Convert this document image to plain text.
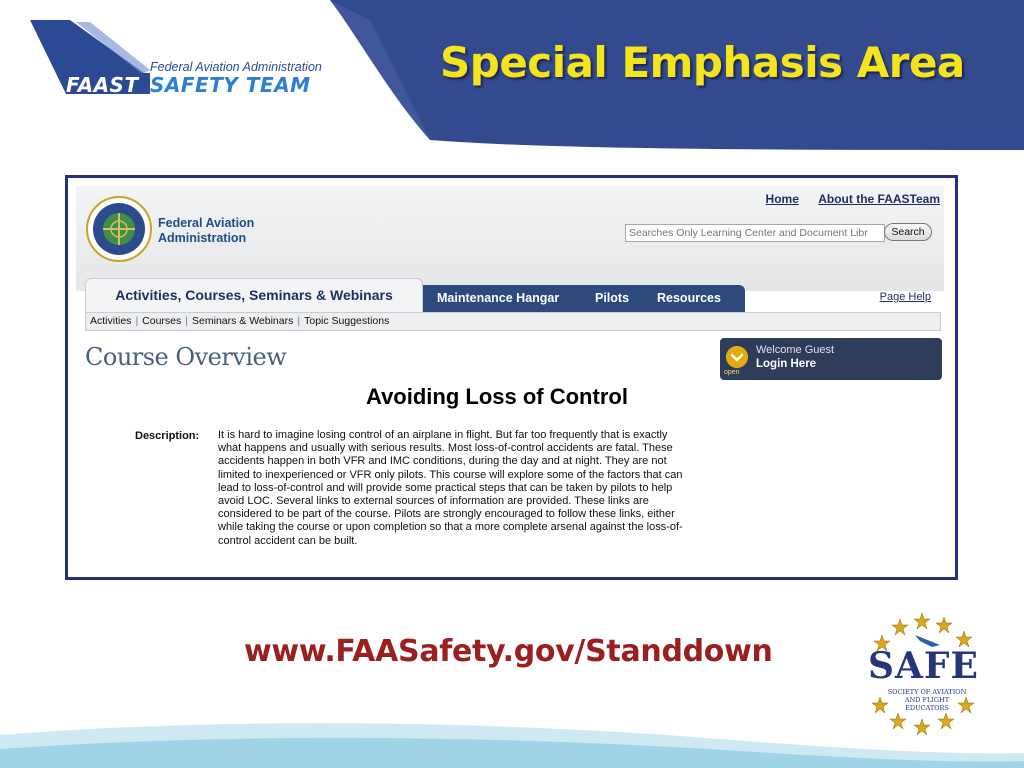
Special Emphasis Area
Federal Aviation Administration
FAAST SAFETY TEAM
Federal Aviation
Administration
Home About the FAASTeam
Searches Only Learning Center and Document Libr
Search
Activities, Courses, Seminars & Webinars	Maintenance Hangar	Pilots Resources	Page Help
Activities | Courses | Seminars & Webinars | Topic Suggestions
Course Overview
open
Welcome Guest
Login Here
Avoiding Loss of Control
Description: It is hard to imagine losing control of an airplane in flight. But far too frequently that is exactly what happens and usually with serious results. Most loss-of-control accidents are fatal. These accidents happen in both VFR and IMC conditions, during the day and at night. They are not limited to inexperienced or VFR only pilots. This course will explore some of the factors that can lead to loss-of-control and will provide some practical steps that can be taken by pilots to help avoid LOC. Several links to external sources of information are provided. These links are considered to be part of the course. Pilots are strongly encouraged to follow these links, either while taking the course or upon completion so that a more complete arsenal against the loss-of-control accident can be built.
www.FAASafety.gov/Standdown	SAFE
SOCIETY OF AVIATION AND FLIGHT EDUCATORS
